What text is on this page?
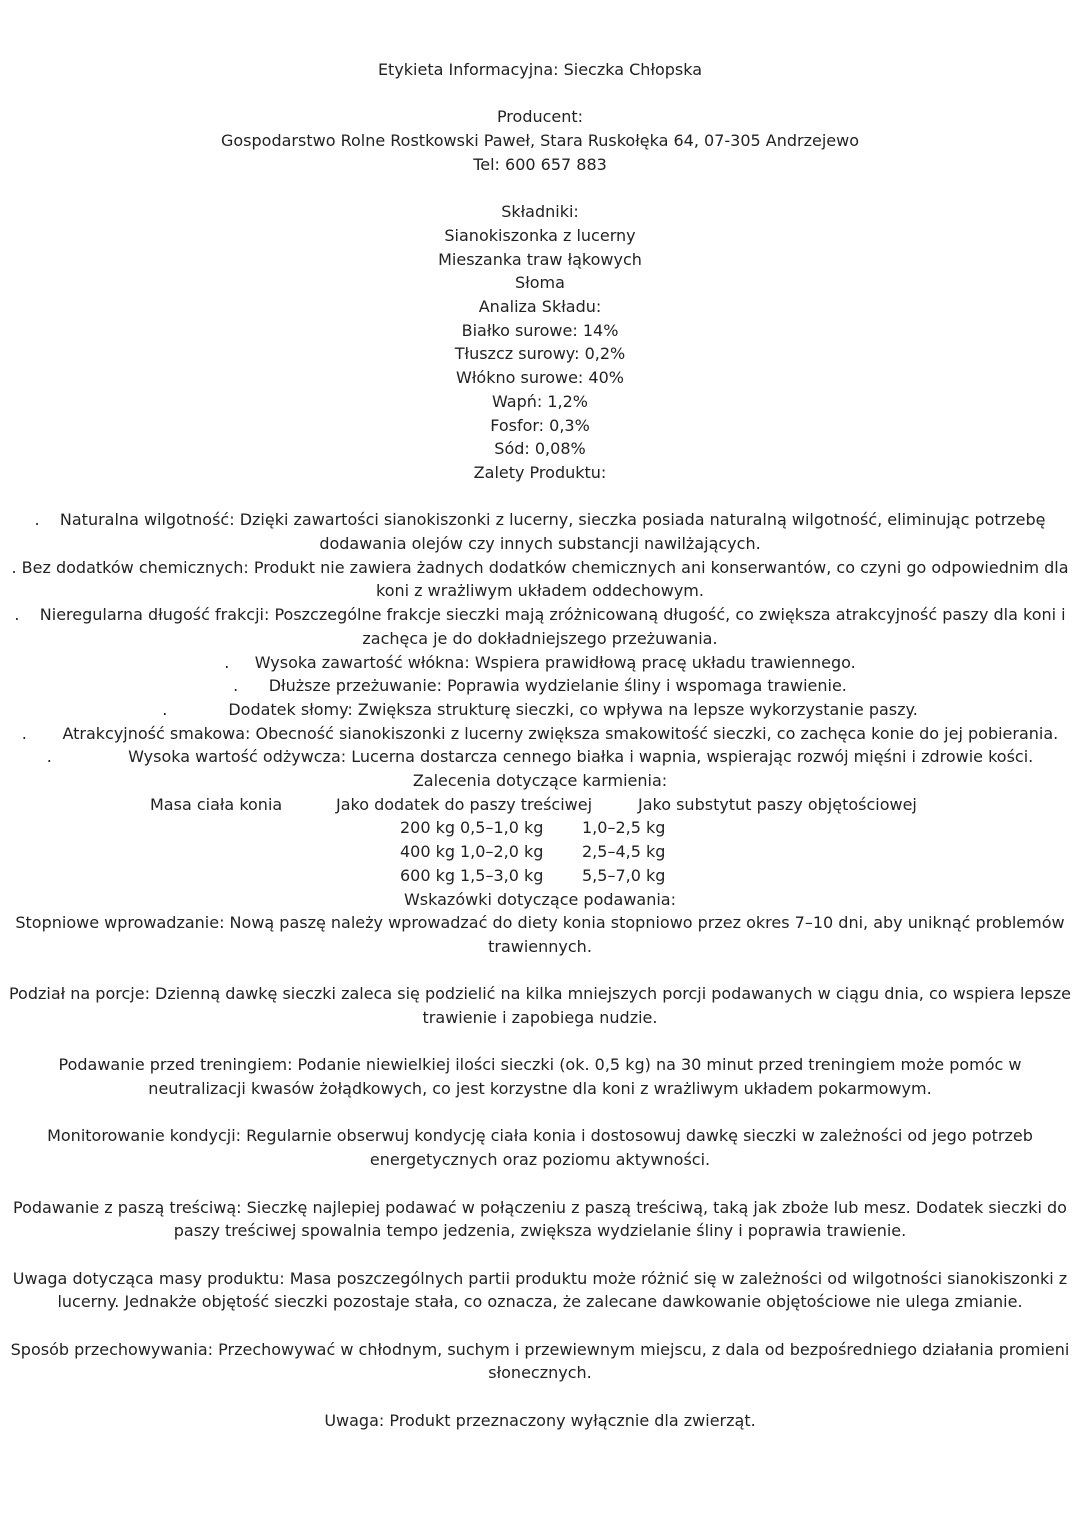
Etykieta Informacyjna: Sieczka Chłopska
Producent:
Gospodarstwo Rolne Rostkowski Paweł, Stara Ruskołęka 64, 07-305 Andrzejewo
Tel: 600 657 883
Składniki:
Sianokiszonka z lucerny
Mieszanka traw łąkowych
Słoma
Analiza Składu:
Białko surowe: 14%
Tłuszcz surowy: 0,2%
Włókno surowe: 40%
Wapń: 1,2%
Fosfor: 0,3%
Sód: 0,08%
Zalety Produktu:
. Naturalna wilgotność: Dzięki zawartości sianokiszonki z lucerny, sieczka posiada naturalną wilgotność, eliminując potrzebę dodawania olejów czy innych substancji nawilżających.
. Bez dodatków chemicznych: Produkt nie zawiera żadnych dodatków chemicznych ani konserwantów, co czyni go odpowiednim dla koni z wrażliwym układem oddechowym.
. Nieregularna długość frakcji: Poszczególne frakcje sieczki mają zróżnicowaną długość, co zwiększa atrakcyjność paszy dla koni i zachęca je do dokładniejszego przeżuwania.
. Wysoka zawartość włókna: Wspiera prawidłową pracę układu trawiennego.
. Dłuższe przeżuwanie: Poprawia wydzielanie śliny i wspomaga trawienie.
.	Dodatek słomy: Zwiększa strukturę sieczki, co wpływa na lepsze wykorzystanie paszy.
. Atrakcyjność smakowa: Obecność sianokiszonki z lucerny zwiększa smakowitość sieczki, co zachęca konie do jej pobierania.
.	Wysoka wartość odżywcza: Lucerna dostarcza cennego białka i wapnia, wspierając rozwój mięśni i zdrowie kości.
Zalecenia dotyczące karmienia:
Masa ciała konia	Jako dodatek do paszy treściwej	Jako substytut paszy objętościowej
200 kg 0,5–1,0 kg 1,0–2,5 kg
400 kg 1,0–2,0 kg 2,5–4,5 kg
600 kg 1,5–3,0 kg 5,5–7,0 kg
Wskazówki dotyczące podawania:
Stopniowe wprowadzanie: Nową paszę należy wprowadzać do diety konia stopniowo przez okres 7–10 dni, aby uniknąć problemów trawiennych.
Podział na porcje: Dzienną dawkę sieczki zaleca się podzielić na kilka mniejszych porcji podawanych w ciągu dnia, co wspiera lepsze trawienie i zapobiega nudzie.
Podawanie przed treningiem: Podanie niewielkiej ilości sieczki (ok. 0,5 kg) na 30 minut przed treningiem może pomóc w neutralizacji kwasów żołądkowych, co jest korzystne dla koni z wrażliwym układem pokarmowym.
Monitorowanie kondycji: Regularnie obserwuj kondycję ciała konia i dostosowuj dawkę sieczki w zależności od jego potrzeb energetycznych oraz poziomu aktywności.
Podawanie z paszą treściwą: Sieczkę najlepiej podawać w połączeniu z paszą treściwą, taką jak zboże lub mesz. Dodatek sieczki do paszy treściwej spowalnia tempo jedzenia, zwiększa wydzielanie śliny i poprawia trawienie.
Uwaga dotycząca masy produktu: Masa poszczególnych partii produktu może różnić się w zależności od wilgotności sianokiszonki z lucerny. Jednakże objętość sieczki pozostaje stała, co oznacza, że zalecane dawkowanie objętościowe nie ulega zmianie.
Sposób przechowywania: Przechowywać w chłodnym, suchym i przewiewnym miejscu, z dala od bezpośredniego działania promieni słonecznych.
Uwaga: Produkt przeznaczony wyłącznie dla zwierząt.
